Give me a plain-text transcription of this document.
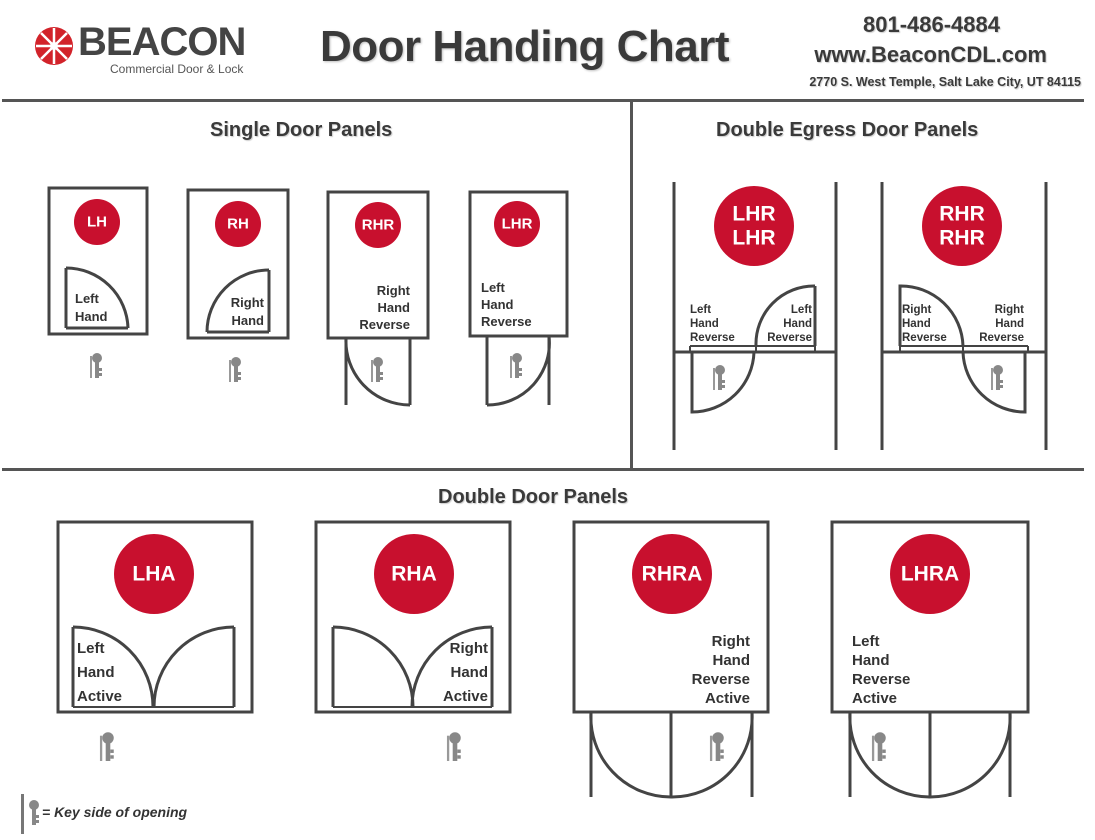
BEACON
Commercial Door & Lock Door Handing Chart	801-486-4884
www.BeaconCDL.com
2770 S. West Temple, Salt Lake City, UT 84115
Single Door Panels	Double Egress Door Panels
Double Door Panels
LH
Left
Hand
RH
Right
Hand
RHR
Right
Hand
Reverse
LHR
Left
Hand
Reverse
LHR
LHR
Left
Hand
Reverse
Left
Hand
Reverse
RHR
RHR
Right
Hand
Reverse
Right
Hand
Reverse
LHA
Left
Hand
Active
RHA
Right
Hand
Active
RHRA
Right
Hand
Reverse
Active
LHRA
Left
Hand
Reverse
Active
= Key side of opening
